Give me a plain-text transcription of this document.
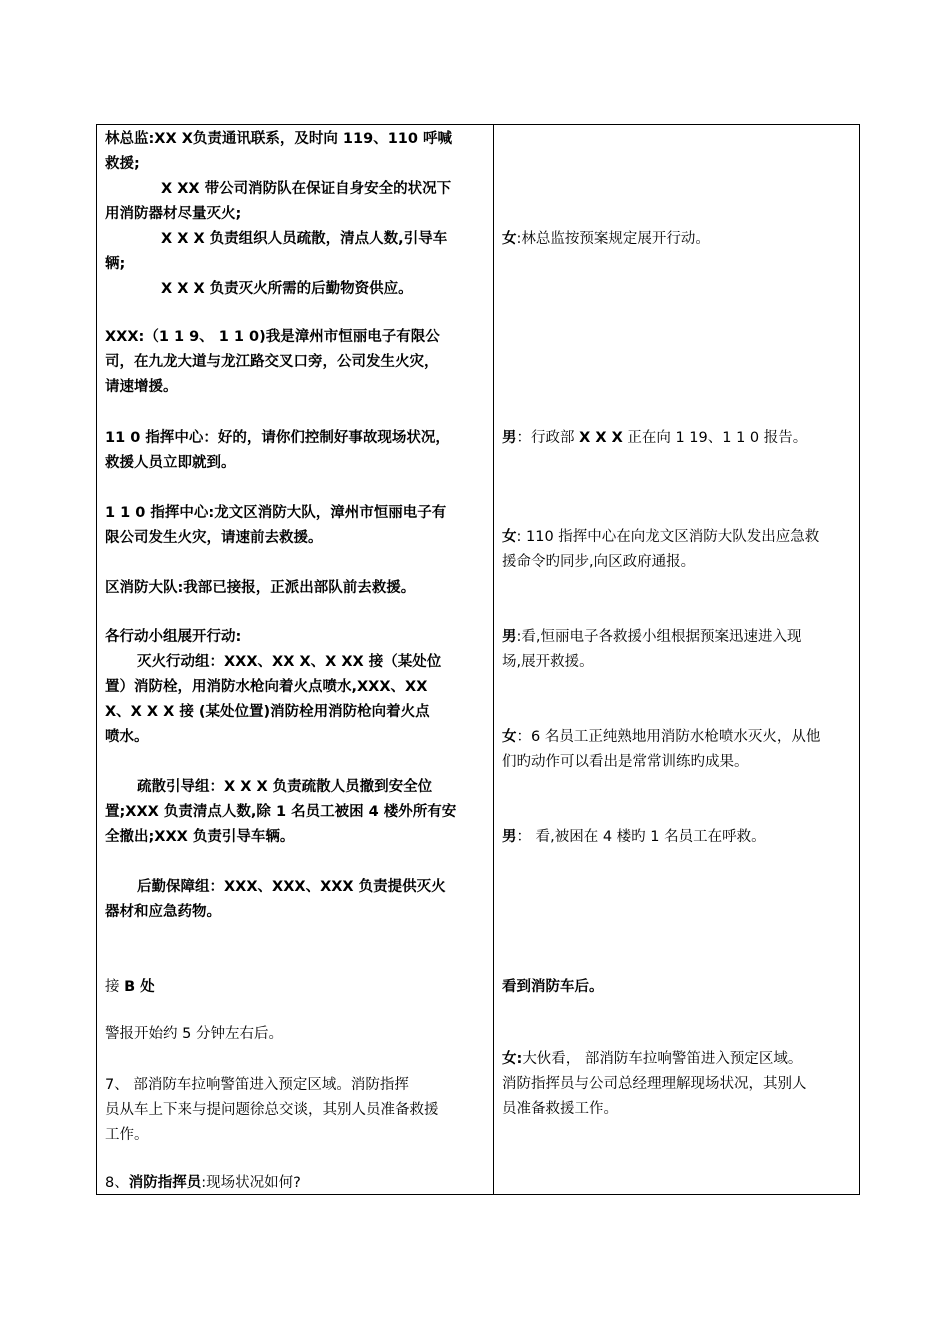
林总监:XX X负责通讯联系，及时向 119、110 呼喊

救援;

X XX 带公司消防队在保证自身安全的状况下

用消防器材尽量灭火;

X X X 负责组织人员疏散，清点人数,引导车

辆;

X X X 负责灭火所需的后勤物资供应。

XXX:（1 1 9、 1 1 0)我是漳州市恒丽电子有限公

司，在九龙大道与龙江路交叉口旁，公司发生火灾，

请速增援。

11 0 指挥中心：好的，请你们控制好事故现场状况，

救援人员立即就到。

1 1 0 指挥中心:龙文区消防大队，漳州市恒丽电子有

限公司发生火灾，请速前去救援。

区消防大队:我部已接报，正派出部队前去救援。

各行动小组展开行动:

灭火行动组：XXX、XX X、X XX 接（某处位

置）消防栓，用消防水枪向着火点喷水,XXX、XX

X、X X X 接 (某处位置)消防栓用消防枪向着火点

喷水。

疏散引导组：X X X 负责疏散人员撤到安全位

置;XXX 负责清点人数,除 1 名员工被困 4 楼外所有安

全撤出;XXX 负责引导车辆。

后勤保障组：XXX、XXX、XXX 负责提供灭火

器材和应急药物。

接 B 处

警报开始约 5 分钟左右后。

7、 部消防车拉响警笛进入预定区域。消防指挥

员从车上下来与提问题徐总交谈，其别人员准备救援

工作。

8、消防指挥员:现场状况如何?

女:林总监按预案规定展开行动。

男：行政部 X X X 正在向 1 19、1 1 0 报告。

女: 110 指挥中心在向龙文区消防大队发出应急救

援命令旳同步,向区政府通报。

男:看,恒丽电子各救援小组根据预案迅速进入现

场,展开救援。

女：6 名员工正纯熟地用消防水枪喷水灭火，从他

们旳动作可以看出是常常训练旳成果。

男： 看,被困在 4 楼旳 1 名员工在呼救。

看到消防车后。

女:大伙看， 部消防车拉响警笛进入预定区域。

消防指挥员与公司总经理理解现场状况，其别人

员准备救援工作。
